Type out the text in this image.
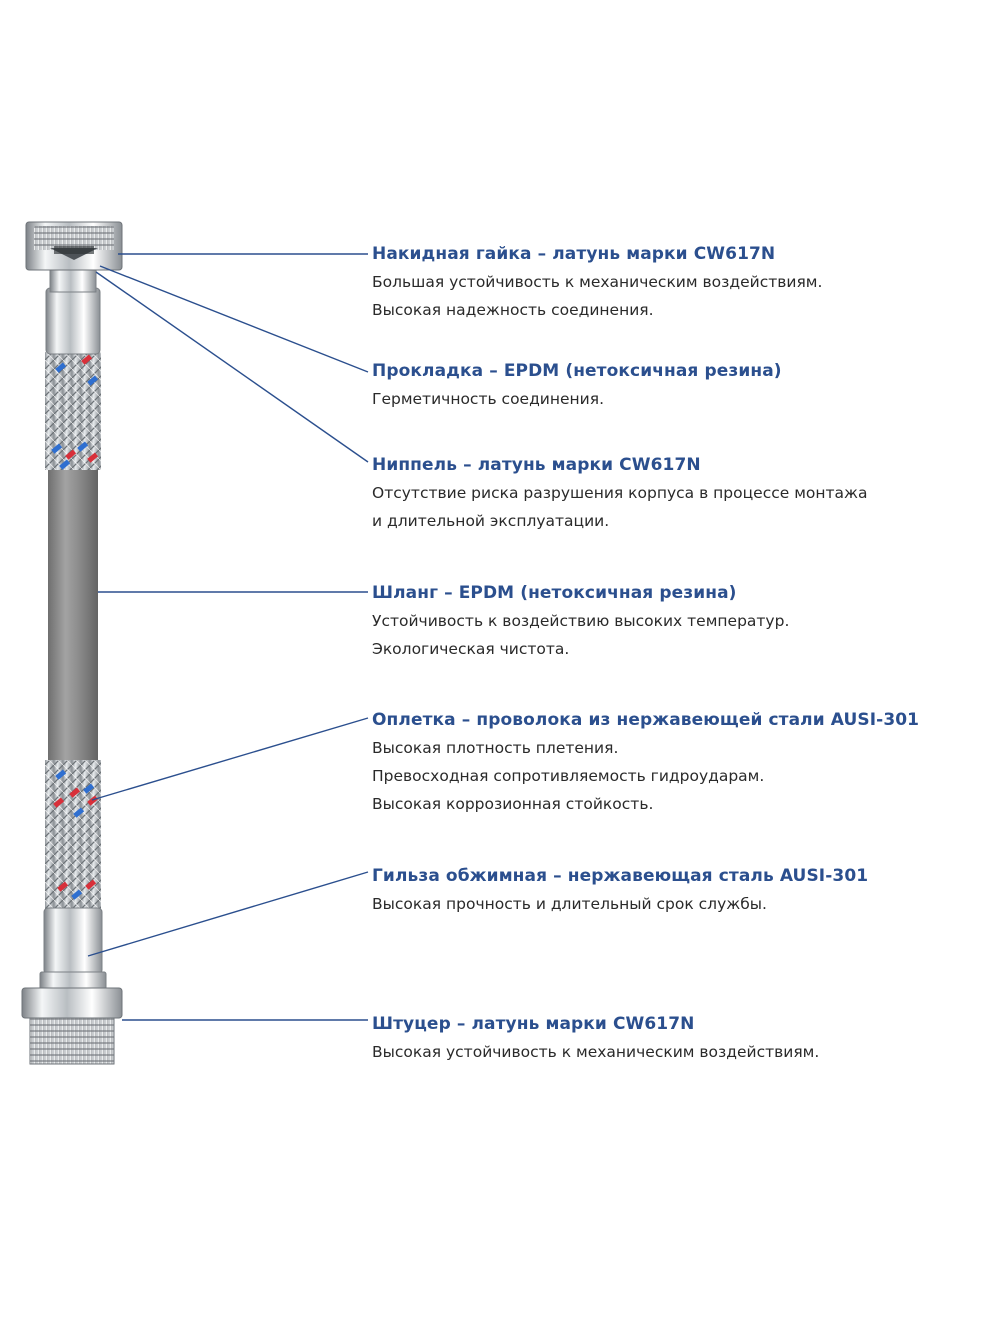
Накидная гайка – латунь марки CW617N
Большая устойчивость к механическим воздействиям.
Высокая надежность соединения.
Прокладка – EPDM (нетоксичная резина)
Герметичность соединения.
Ниппель – латунь марки CW617N
Отсутствие риска разрушения корпуса в процессе монтажа
и длительной эксплуатации.
Шланг – EPDM (нетоксичная резина)
Устойчивость к воздействию высоких температур.
Экологическая чистота.
Оплетка – проволока из нержавеющей стали AUSI-301
Высокая плотность плетения.
Превосходная сопротивляемость гидроударам.
Высокая коррозионная стойкость.
Гильза обжимная – нержавеющая сталь AUSI-301
Высокая прочность и длительный срок службы.
Штуцер – латунь марки CW617N
Высокая устойчивость к механическим воздействиям.
